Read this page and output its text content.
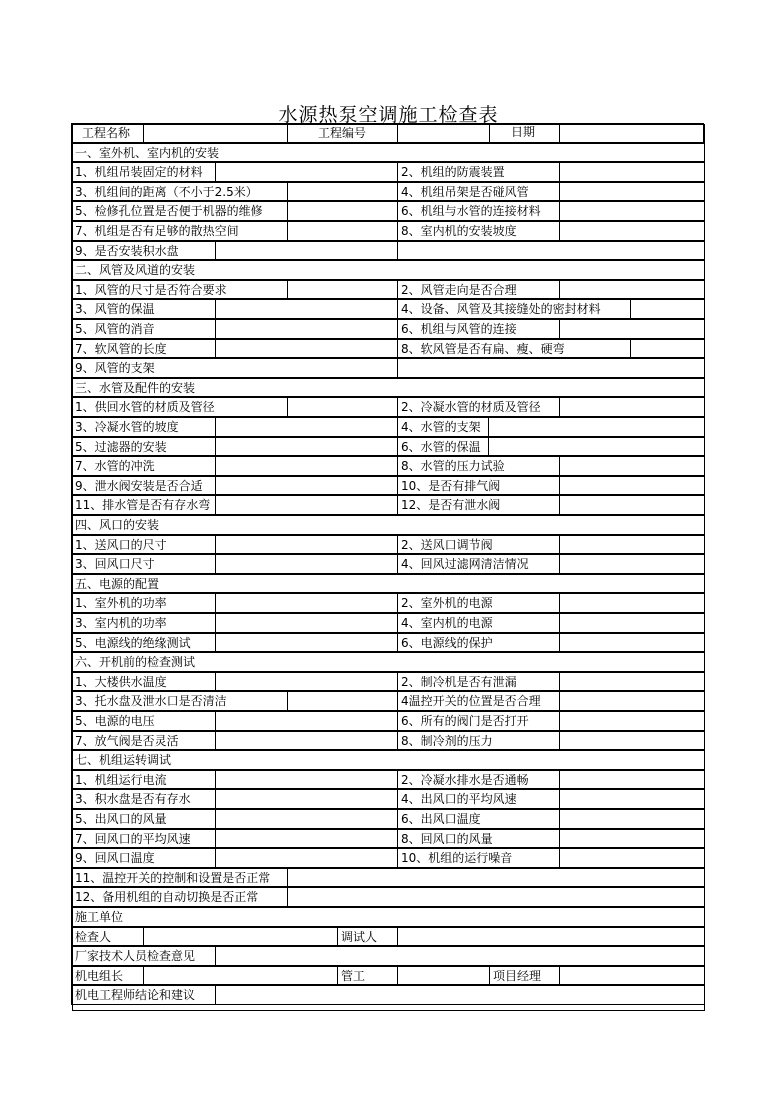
水源热泵空调施工检查表
工程名称	工程编号	日期
一、室外机、室内机的安装
1、机组吊装固定的材料	2、机组的防震装置
3、机组间的距离（不小于2.5米）	4、机组吊架是否碰风管
5、检修孔位置是否便于机器的维修	6、机组与水管的连接材料
7、机组是否有足够的散热空间	8、室内机的安装坡度
9、是否安装积水盘
二、风管及风道的安装
1、风管的尺寸是否符合要求	2、风管走向是否合理
3、风管的保温	4、设备、风管及其接缝处的密封材料
5、风管的消音	6、机组与风管的连接
7、软风管的长度	8、软风管是否有扁、瘦、硬弯
9、风管的支架
三、水管及配件的安装
1、供回水管的材质及管径	2、冷凝水管的材质及管径
3、冷凝水管的坡度	4、水管的支架
5、过滤器的安装	6、水管的保温
7、水管的冲洗	8、水管的压力试验
9、泄水阀安装是否合适	10、是否有排气阀
11、排水管是否有存水弯	12、是否有泄水阀
四、风口的安装
1、送风口的尺寸	2、送风口调节阀
3、回风口尺寸	4、回风过滤网清洁情况
五、电源的配置
1、室外机的功率	2、室外机的电源
3、室内机的功率	4、室内机的电源
5、电源线的绝缘测试	6、电源线的保护
六、开机前的检查测试
1、大楼供水温度	2、制冷机是否有泄漏
3、托水盘及泄水口是否清洁	4温控开关的位置是否合理
5、电源的电压	6、所有的阀门是否打开
7、放气阀是否灵活	8、制冷剂的压力
七、机组运转调试
1、机组运行电流	2、冷凝水排水是否通畅
3、积水盘是否有存水	4、出风口的平均风速
5、出风口的风量	6、出风口温度
7、回风口的平均风速	8、回风口的风量
9、回风口温度	10、机组的运行噪音
11、温控开关的控制和设置是否正常
12、备用机组的自动切换是否正常
施工单位
检查人	调试人
厂家技术人员检查意见
机电组长	管工	项目经理
机电工程师结论和建议
